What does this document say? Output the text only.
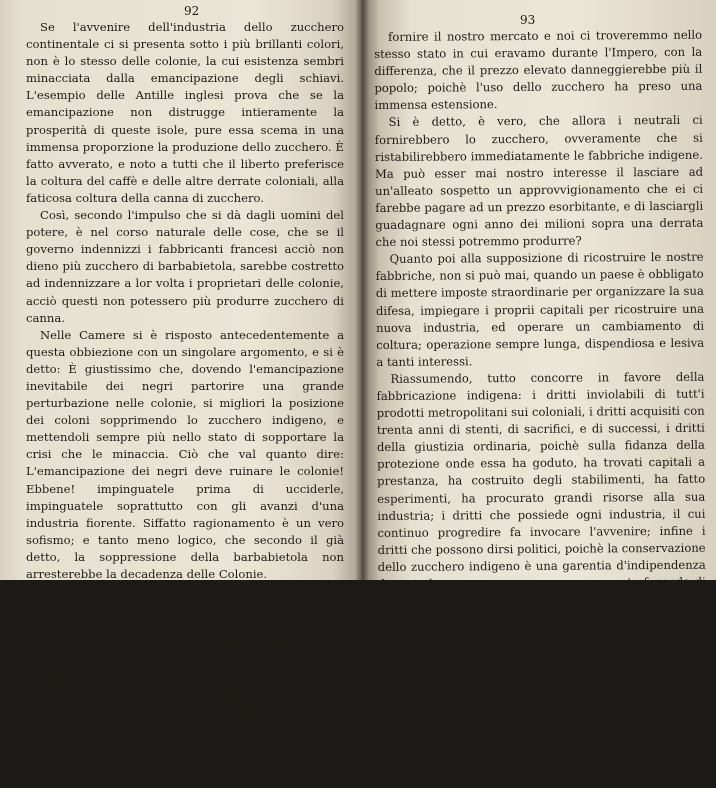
92

Se l'avvenire dell'industria dello zucchero continentale ci si presenta sotto i più brillanti colori, non è lo stesso delle colonie, la cui esistenza sembri minacciata dalla emancipazione degli schiavi. L'esempio delle Antille inglesi prova che se la emancipazione non distrugge intieramente la prosperità di queste isole, pure essa scema in una immensa proporzione la produzione dello zucchero. È fatto avverato, e noto a tutti che il liberto preferisce la coltura del caffè e delle altre derrate coloniali, alla faticosa coltura della canna di zucchero.

Così, secondo l'impulso che si dà dagli uomini del potere, è nel corso naturale delle cose, che se il governo indennizzi i fabbricanti francesi acciò non dieno più zucchero di barbabietola, sarebbe costretto ad indennizzare a lor volta i proprietari delle colonie, acciò questi non potessero più produrre zucchero di canna.

Nelle Camere si è risposto antecedentemente a questa obbiezione con un singolare argomento, e si è detto: È giustissimo che, dovendo l'emancipazione inevitabile dei negri partorire una grande perturbazione nelle colonie, si migliori la posizione dei coloni sopprimendo lo zucchero indigeno, e mettendoli sempre più nello stato di sopportare la crisi che le minaccia. Ciò che val quanto dire: L'emancipazione dei negri deve ruinare le colonie! Ebbene! impinguatele prima di ucciderle, impinguatele soprattutto con gli avanzi d'una industria fiorente. Siffatto ragionamento è un vero sofismo; e tanto meno logico, che secondo il già detto, la soppressione della barbabietola non arresterebbe la decadenza delle Colonie.

Ultima considerazione di un ordine elevato in favore dello zucchero indigeno, e che equivale ad un dritto, è l'Indipendenza. Una nazione è colpevole di lasciare in balìa delle altre il suo approvvigionamento di derrate di prima necessità. Poter da un giorno all'altro sentirsi privo di pane, di zucchero, di ferro è lo stesso che lasciare il suo destino in balìa di un decreto estero; è una specie di suicidio anticipato che si è voluto prevenire accordando una protezione speciale ai grani ed ai ferri francesi.

Se scoppiasse la guerra le nostre colonie non potrebbero più

93

fornire il nostro mercato e noi ci troveremmo nello stesso stato in cui eravamo durante l'Impero, con la differenza, che il prezzo elevato danneggierebbe più il popolo; poichè l'uso dello zucchero ha preso una immensa estensione.

Si è detto, è vero, che allora i neutrali ci fornirebbero lo zucchero, ovveramente che si ristabilirebbero immediatamente le fabbriche indigene. Ma può esser mai nostro interesse il lasciare ad un'alleato sospetto un approvvigionamento che ei ci farebbe pagare ad un prezzo esorbitante, e di lasciargli guadagnare ogni anno dei milioni sopra una derrata che noi stessi potremmo produrre?

Quanto poi alla supposizione di ricostruire le nostre fabbriche, non si può mai, quando un paese è obbligato di mettere imposte straordinarie per organizzare la sua difesa, impiegare i proprii capitali per ricostruire una nuova industria, ed operare un cambiamento di coltura; operazione sempre lunga, dispendiosa e lesiva a tanti interessi.

Riassumendo, tutto concorre in favore della fabbricazione indigena: i dritti inviolabili di tutt'i prodotti metropolitani sui coloniali, i dritti acquisiti con trenta anni di stenti, di sacrifici, e di successi, i dritti della giustizia ordinaria, poichè sulla fidanza della protezione onde essa ha goduto, ha trovati capitali a prestanza, ha costruito degli stabilimenti, ha fatto esperimenti, ha procurato grandi risorse alla sua industria; i dritti che possiede ogni industria, il cui continuo progredire fa invocare l'avvenire; infine i dritti che possono dirsi politici, poichè la conservazione dello zucchero indigeno è una garentia d'indipendenza durante la guerra, come pure una sorgente feconda di lavoro e di prosperità durante la pace.
